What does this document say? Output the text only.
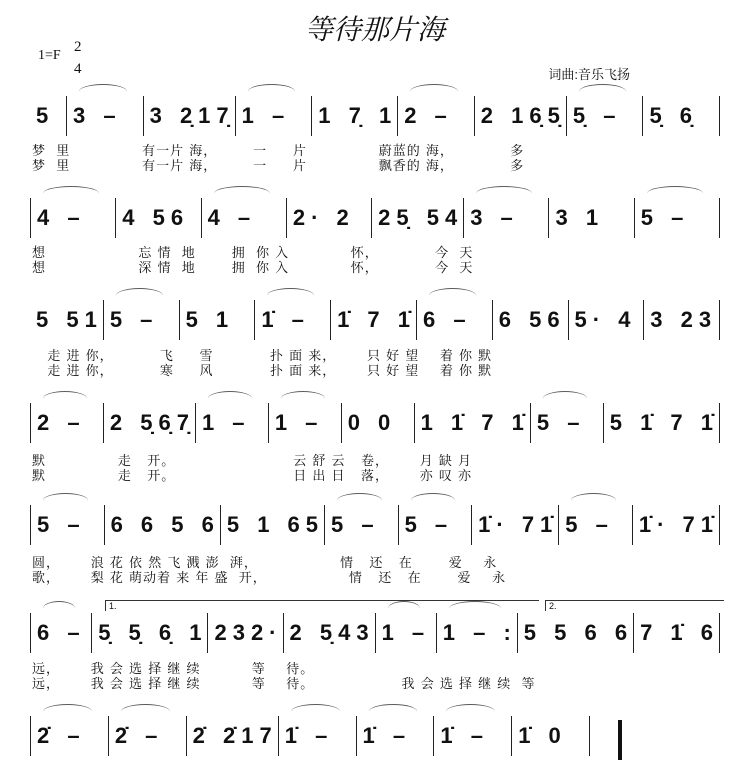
等待那片海
1=F
2
4	词曲:音乐飞扬
1.	2.
5 3 –	3 2̣17̣ 1 –	1 7̣ 1 2 –	2 16̣5̣ 5̣ –	5̣ 6̣
梦  里              有一片 海，       一     片              蔚蓝的 海，           多
梦  里              有一片 海，       一     片              飘香的 海，           多
4 –	4 56 4 –	2· 2	25̣ 54 3 –	3 1	5 –
想                  忘 情  地       拥  你 入            怀，           今  天
想                  深 情  地       拥  你 入            怀，           今  天
5 51 5 –	5 1	1̇ –	1̇ 7 1̇ 6 –	6 56 5· 4 3 23
走 进 你，         飞     雪           扑 面 来，      只 好 望    着 你 默
走 进 你，         寒     风           扑 面 来，      只 好 望    着 你 默
2 –	2 5̣6̣7̣ 1 –	1 –	0 0	1 1̇ 7 1̇ 5 –	5 1̇ 7 1̇
默              走   开。                       云 舒 云   卷，      月 缺 月
默              走   开。                       日 出 日   落，      亦 叹 亦
5 –	6 6 5 6 5 1 65 5 –	5 –	1̇· 71̇ 5 –	1̇· 71̇
圆，      浪 花 依 然 飞 溅 澎  湃，                情   还   在       爱    永
歌，      梨 花 萌动着 来 年 盛  开，                情   还   在       爱    永
6 – 5̣ 5̣ 6̣ 1 232· 2 5̣43 1 – 1 – : 5 5 6 6 7 1̇ 6
远，      我 会 选 择 继 续          等    待。
远，      我 会 选 择 继 续          等    待。                 我 会 选 择 继 续  等
2̇ –	2̇ –	2̇ 2̇17 1̇ –	1̇ –	1̇ –	1̇ 0
